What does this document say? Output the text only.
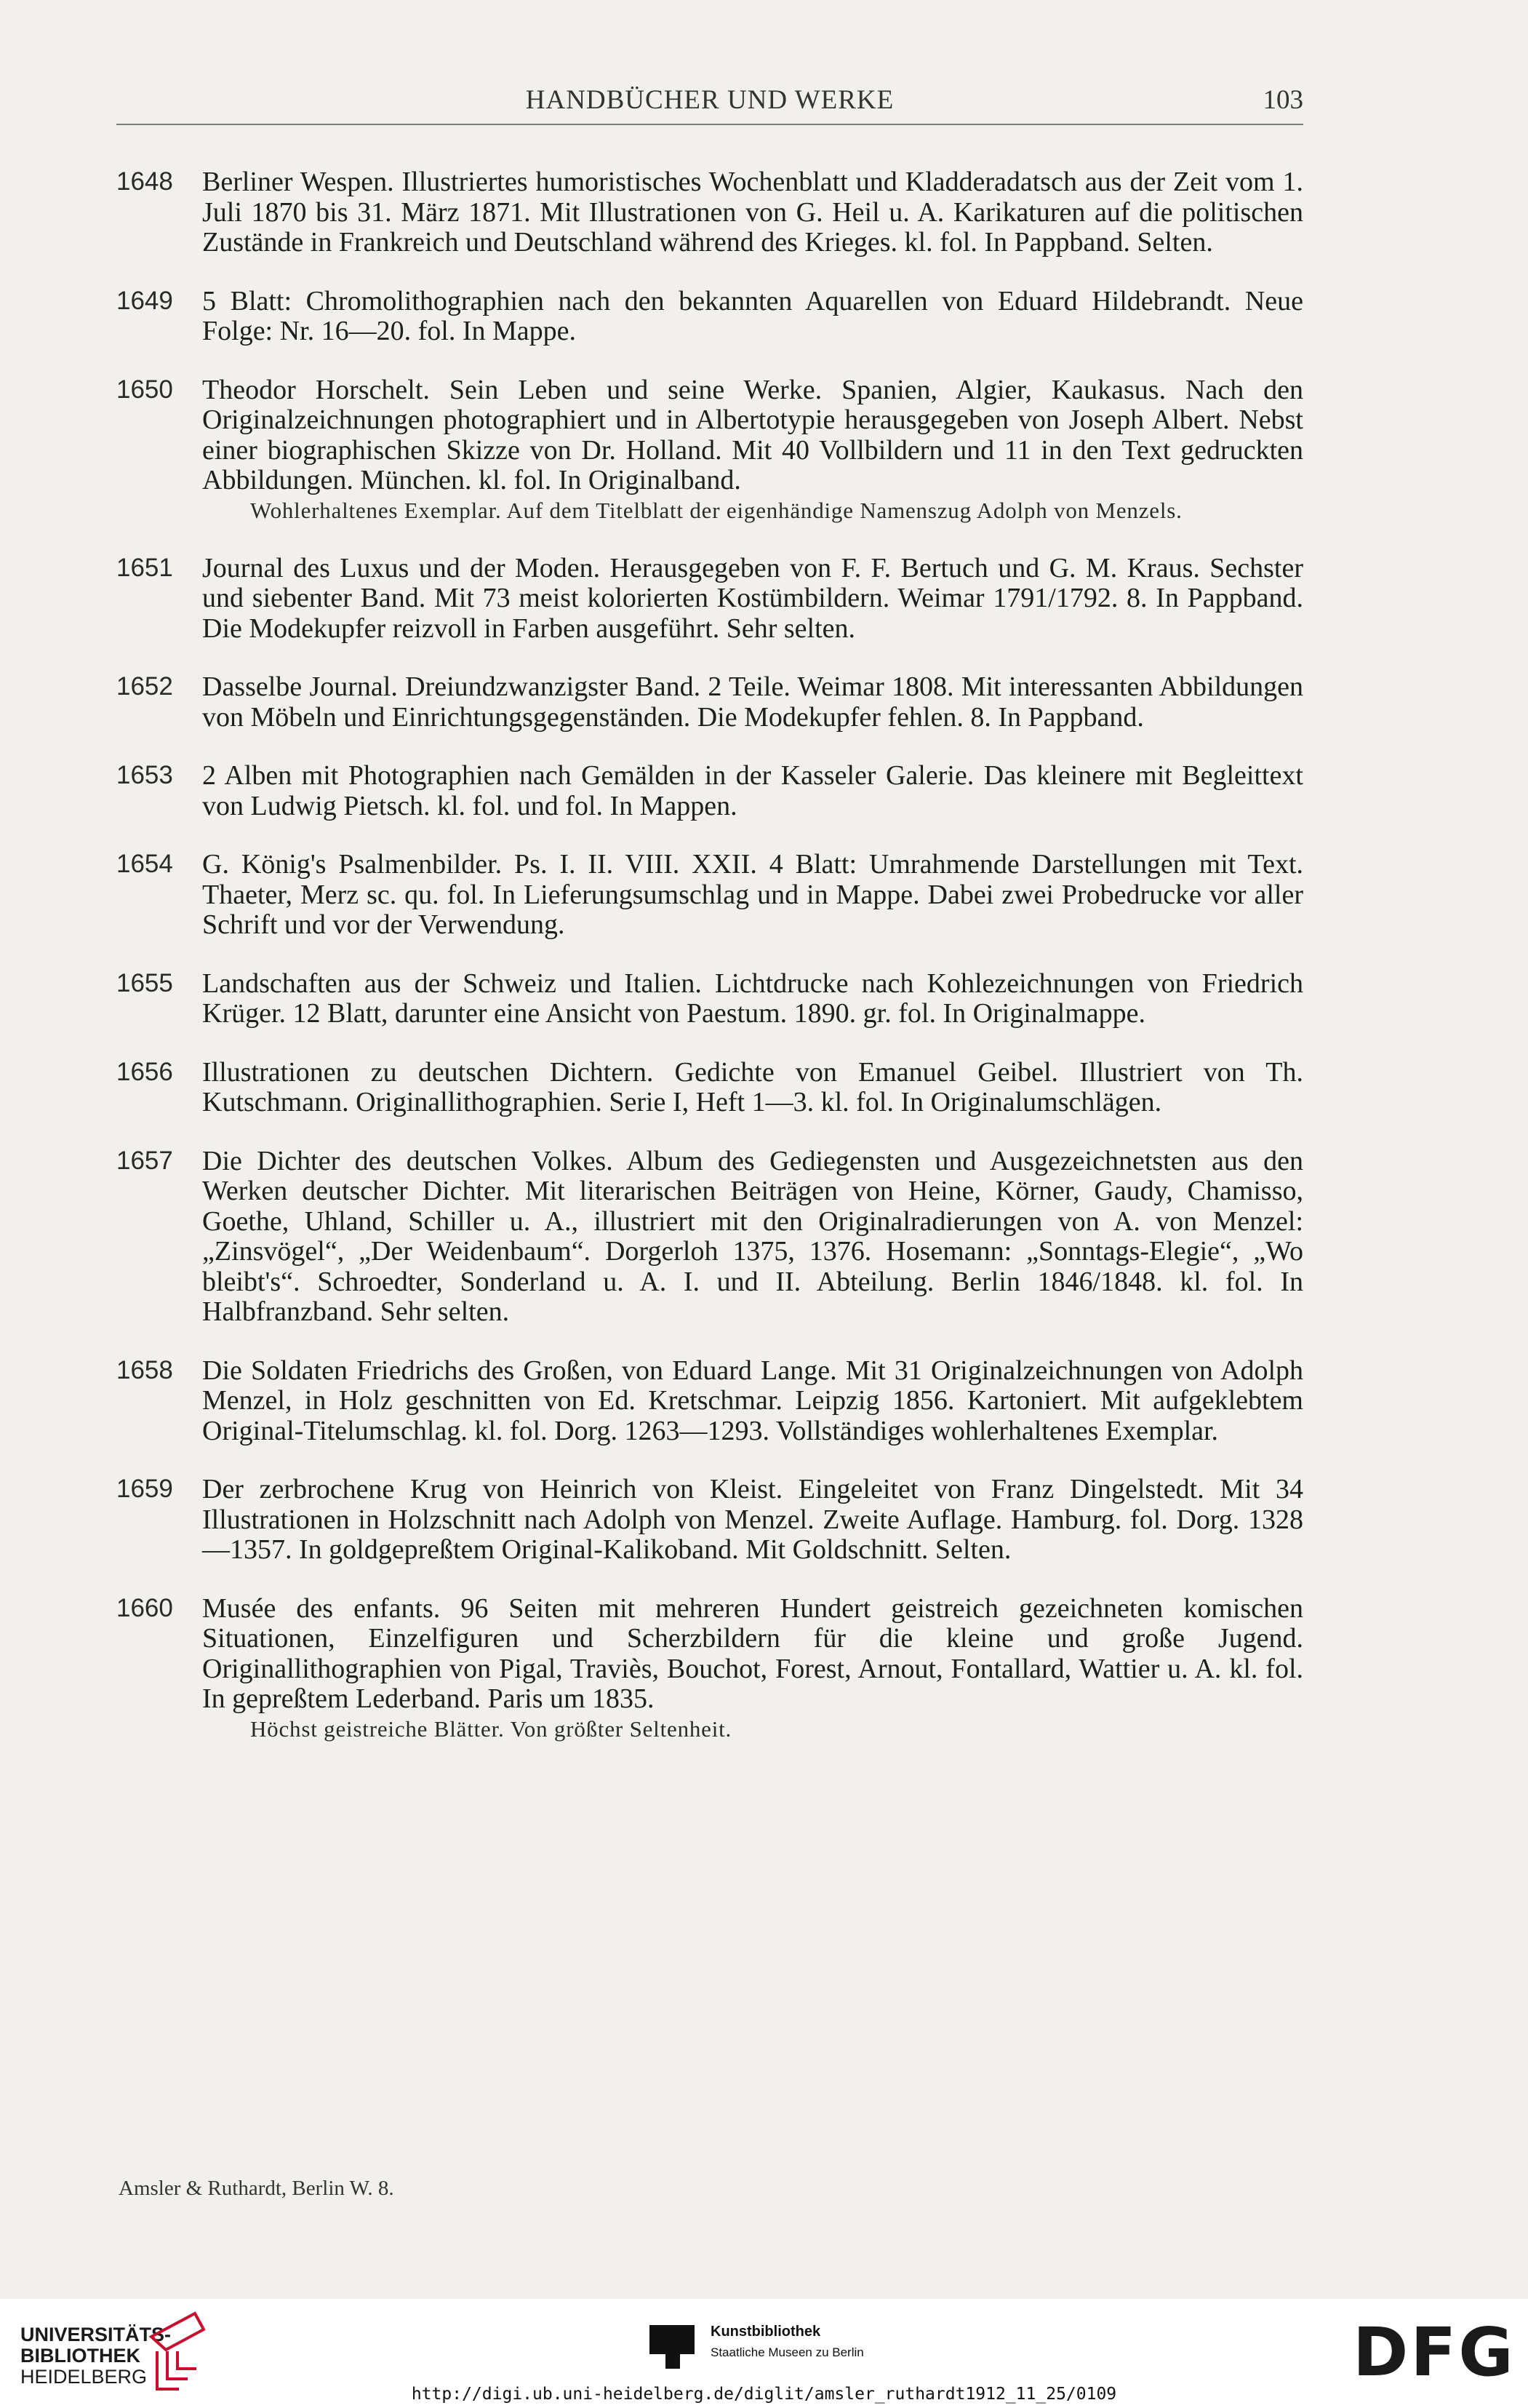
HANDBÜCHER UND WERKE	103
1648 Berliner Wespen. Illustriertes humoristisches Wochenblatt und Kladderadatsch aus der Zeit vom 1. Juli 1870 bis 31. März 1871. Mit Illustrationen von G. Heil u. A. Karikaturen auf die politischen Zustände in Frankreich und Deutschland während des Krieges. kl. fol. In Pappband. Selten.
1649 5 Blatt: Chromolithographien nach den bekannten Aquarellen von Eduard Hildebrandt. Neue Folge: Nr. 16—20. fol. In Mappe.
1650 Theodor Horschelt. Sein Leben und seine Werke. Spanien, Algier, Kaukasus. Nach den Originalzeichnungen photographiert und in Albertotypie herausgegeben von Joseph Albert. Nebst einer biographischen Skizze von Dr. Holland. Mit 40 Vollbildern und 11 in den Text gedruckten Abbildungen. München. kl. fol. In Originalband.
Wohlerhaltenes Exemplar. Auf dem Titelblatt der eigenhändige Namenszug Adolph von Menzels.
1651 Journal des Luxus und der Moden. Herausgegeben von F. F. Bertuch und G. M. Kraus. Sechster und siebenter Band. Mit 73 meist kolorierten Kostümbildern. Weimar 1791/1792. 8. In Pappband. Die Modekupfer reizvoll in Farben ausgeführt. Sehr selten.
1652 Dasselbe Journal. Dreiundzwanzigster Band. 2 Teile. Weimar 1808. Mit interessanten Abbildungen von Möbeln und Einrichtungsgegenständen. Die Modekupfer fehlen. 8. In Pappband.
1653 2 Alben mit Photographien nach Gemälden in der Kasseler Galerie. Das kleinere mit Begleittext von Ludwig Pietsch. kl. fol. und fol. In Mappen.
1654 G. König's Psalmenbilder. Ps. I. II. VIII. XXII. 4 Blatt: Umrahmende Darstellungen mit Text. Thaeter, Merz sc. qu. fol. In Lieferungsumschlag und in Mappe. Dabei zwei Probedrucke vor aller Schrift und vor der Verwendung.
1655 Landschaften aus der Schweiz und Italien. Lichtdrucke nach Kohlezeichnungen von Friedrich Krüger. 12 Blatt, darunter eine Ansicht von Paestum. 1890. gr. fol. In Originalmappe.
1656 Illustrationen zu deutschen Dichtern. Gedichte von Emanuel Geibel. Illustriert von Th. Kutschmann. Originallithographien. Serie I, Heft 1—3. kl. fol. In Originalumschlägen.
1657 Die Dichter des deutschen Volkes. Album des Gediegensten und Ausgezeichnetsten aus den Werken deutscher Dichter. Mit literarischen Beiträgen von Heine, Körner, Gaudy, Chamisso, Goethe, Uhland, Schiller u. A., illustriert mit den Originalradierungen von A. von Menzel: „Zinsvögel“, „Der Weidenbaum“. Dorgerloh 1375, 1376. Hosemann: „Sonntags-Elegie“, „Wo bleibt's“. Schroedter, Sonderland u. A. I. und II. Abteilung. Berlin 1846/1848. kl. fol. In Halbfranzband. Sehr selten.
1658 Die Soldaten Friedrichs des Großen, von Eduard Lange. Mit 31 Originalzeichnungen von Adolph Menzel, in Holz geschnitten von Ed. Kretschmar. Leipzig 1856. Kartoniert. Mit aufgeklebtem Original-Titelumschlag. kl. fol. Dorg. 1263—1293. Vollständiges wohlerhaltenes Exemplar.
1659 Der zerbrochene Krug von Heinrich von Kleist. Eingeleitet von Franz Dingelstedt. Mit 34 Illustrationen in Holzschnitt nach Adolph von Menzel. Zweite Auflage. Hamburg. fol. Dorg. 1328—1357. In goldgepreßtem Original-Kalikoband. Mit Goldschnitt. Selten.
1660 Musée des enfants. 96 Seiten mit mehreren Hundert geistreich gezeichneten komischen Situationen, Einzelfiguren und Scherzbildern für die kleine und große Jugend. Originallithographien von Pigal, Traviès, Bouchot, Forest, Arnout, Fontallard, Wattier u. A. kl. fol. In gepreßtem Lederband. Paris um 1835.
Höchst geistreiche Blätter. Von größter Seltenheit.
Amsler & Ruthardt, Berlin W. 8.
UNIVERSITÄTS-
BIBLIOTHEK
HEIDELBERG
Kunstbibliothek
Staatliche Museen zu Berlin	DFG
http://digi.ub.uni-heidelberg.de/diglit/amsler_ruthardt1912_11_25/0109
